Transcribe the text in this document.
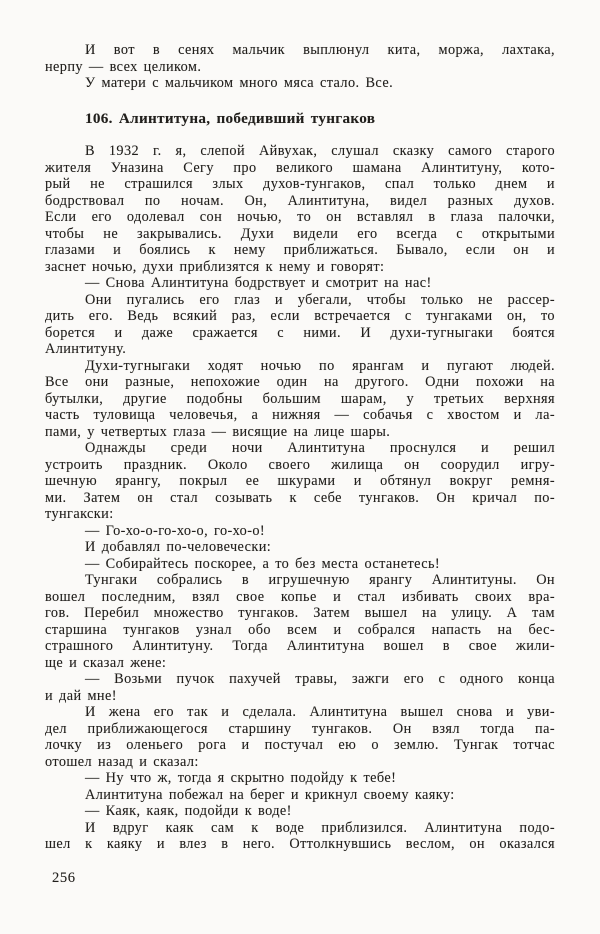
И вот в сенях мальчик выплюнул кита, моржа, лахтака,
нерпу — всех целиком.
У матери с мальчиком много мяса стало. Все.
106. Алинтитуна, победивший тунгаков
В 1932 г. я, слепой Айвухак, слушал сказку самого старого
жителя Уназина Сегу про великого шамана Алинтитуну, кото-
рый не страшился злых духов-тунгаков, спал только днем и
бодрствовал по ночам. Он, Алинтитуна, видел разных духов.
Если его одолевал сон ночью, то он вставлял в глаза палочки,
чтобы не закрывались. Духи видели его всегда с открытыми
глазами и боялись к нему приближаться. Бывало, если он и
заснет ночью, духи приблизятся к нему и говорят:
— Снова Алинтитуна бодрствует и смотрит на нас!
Они пугались его глаз и убегали, чтобы только не рассер-
дить его. Ведь всякий раз, если встречается с тунгаками он, то
борется и даже сражается с ними. И духи-тугныгаки боятся
Алинтитуну.
Духи-тугныгаки ходят ночью по ярангам и пугают людей.
Все они разные, непохожие один на другого. Одни похожи на
бутылки, другие подобны большим шарам, у третьих верхняя
часть туловища человечья, а нижняя — собачья с хвостом и ла-
пами, у четвертых глаза — висящие на лице шары.
Однажды среди ночи Алинтитуна проснулся и решил
устроить праздник. Около своего жилища он соорудил игру-
шечную ярангу, покрыл ее шкурами и обтянул вокруг ремня-
ми. Затем он стал созывать к себе тунгаков. Он кричал по-
тунгакски:
— Го-хо-о-го-хо-о, го-хо-о!
И добавлял по-человечески:
— Собирайтесь поскорее, а то без места останетесь!
Тунгаки собрались в игрушечную ярангу Алинтитуны. Он
вошел последним, взял свое копье и стал избивать своих вра-
гов. Перебил множество тунгаков. Затем вышел на улицу. А там
старшина тунгаков узнал обо всем и собрался напасть на бес-
страшного Алинтитуну. Тогда Алинтитуна вошел в свое жили-
ще и сказал жене:
— Возьми пучок пахучей травы, зажги его с одного конца
и дай мне!
И жена его так и сделала. Алинтитуна вышел снова и уви-
дел приближающегося старшину тунгаков. Он взял тогда па-
лочку из оленьего рога и постучал ею о землю. Тунгак тотчас
отошел назад и сказал:
— Ну что ж, тогда я скрытно подойду к тебе!
Алинтитуна побежал на берег и крикнул своему каяку:
— Каяк, каяк, подойди к воде!
И вдруг каяк сам к воде приблизился. Алинтитуна подо-
шел к каяку и влез в него. Оттолкнувшись веслом, он оказался
256
